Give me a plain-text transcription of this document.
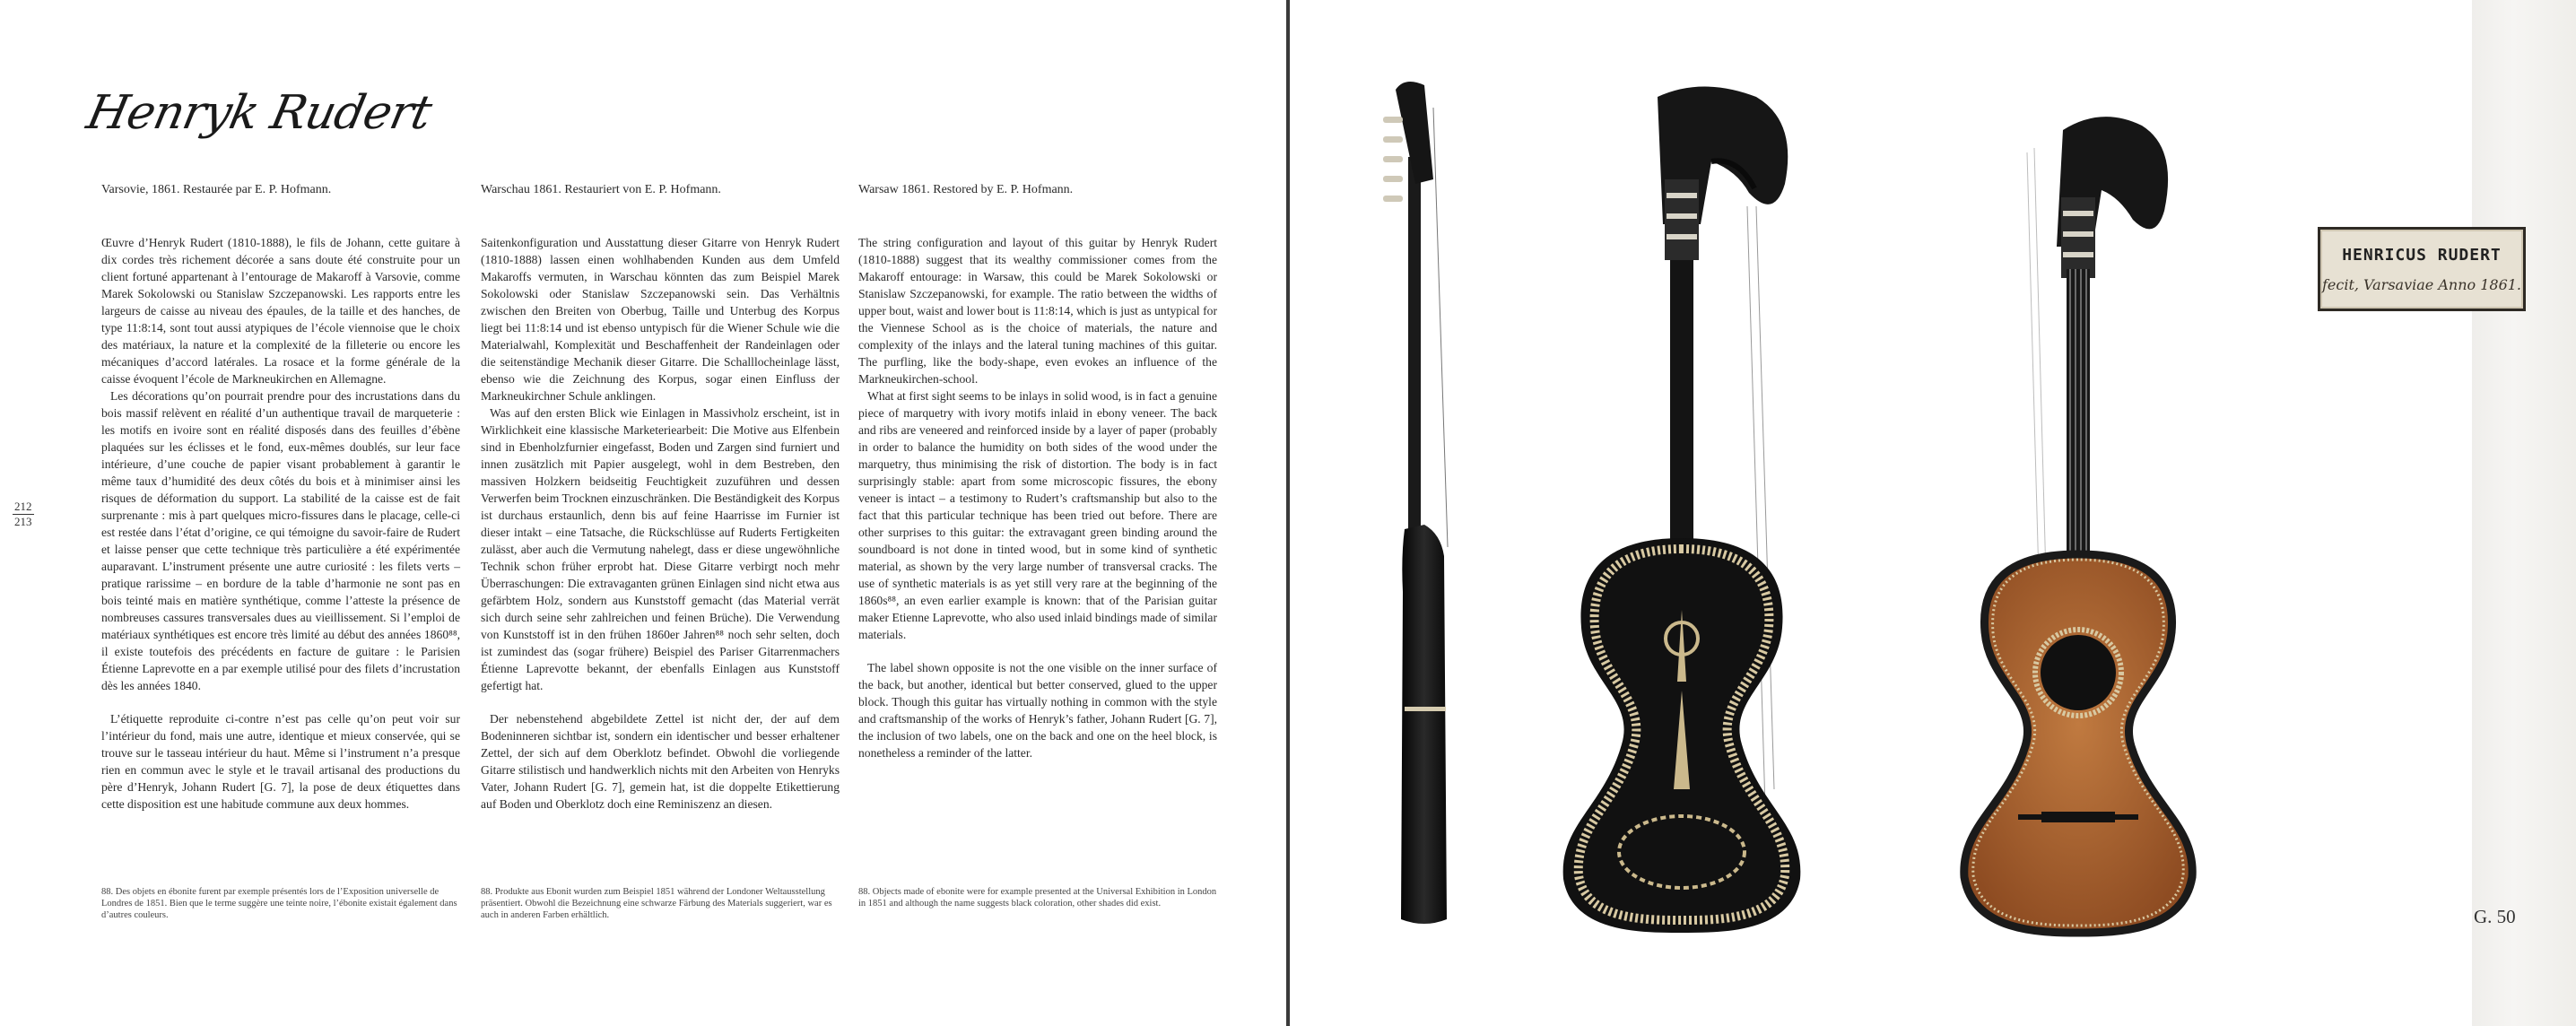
Henryk Rudert
Varsovie, 1861. Restaurée par E. P. Hofmann.

Œuvre d’Henryk Rudert (1810-1888), le fils de Johann, cette guitare à dix cordes très richement décorée a sans doute été construite pour un client fortuné appartenant à l’entourage de Makaroff à Varsovie, comme Marek Sokolowski ou Stanislaw Szczepanowski. Les rapports entre les largeurs de caisse au niveau des épaules, de la taille et des hanches, de type 11:8:14, sont tout aussi atypiques de l’école viennoise que le choix des matériaux, la nature et la complexité de la filleterie ou encore les mécaniques d’accord latérales. La rosace et la forme générale de la caisse évoquent l’école de Markneukirchen en Allemagne.

Les décorations qu’on pourrait prendre pour des incrustations dans du bois massif relèvent en réalité d’un authentique travail de marqueterie : les motifs en ivoire sont en réalité disposés dans des feuilles d’ébène plaquées sur les éclisses et le fond, eux-mêmes doublés, sur leur face intérieure, d’une couche de papier visant probablement à garantir le même taux d’humidité des deux côtés du bois et à minimiser ainsi les risques de déformation du support. La stabilité de la caisse est de fait surprenante : mis à part quelques micro-fissures dans le placage, celle-ci est restée dans l’état d’origine, ce qui témoigne du savoir-faire de Rudert et laisse penser que cette technique très particulière a été expérimentée auparavant. L’instrument présente une autre curiosité : les filets verts – pratique rarissime – en bordure de la table d’harmonie ne sont pas en bois teinté mais en matière synthétique, comme l’atteste la présence de nombreuses cassures transversales dues au vieillissement. Si l’emploi de matériaux synthétiques est encore très limité au début des années 1860⁸⁸, il existe toutefois des précédents en facture de guitare : le Parisien Étienne Laprevotte en a par exemple utilisé pour des filets d’incrustation dès les années 1840.

L’étiquette reproduite ci-contre n’est pas celle qu’on peut voir sur l’intérieur du fond, mais une autre, identique et mieux conservée, qui se trouve sur le tasseau intérieur du haut. Même si l’instrument n’a presque rien en commun avec le style et le travail artisanal des productions du père d’Henryk, Johann Rudert [G. 7], la pose de deux étiquettes dans cette disposition est une habitude commune aux deux hommes.

Warschau 1861. Restauriert von E. P. Hofmann.

Saitenkonfiguration und Ausstattung dieser Gitarre von Henryk Rudert (1810-1888) lassen einen wohlhabenden Kunden aus dem Umfeld Makaroffs vermuten, in Warschau könnten das zum Beispiel Marek Sokolowski oder Stanislaw Szczepanowski sein. Das Verhältnis zwischen den Breiten von Oberbug, Taille und Unterbug des Korpus liegt bei 11:8:14 und ist ebenso untypisch für die Wiener Schule wie die Materialwahl, Komplexität und Beschaffenheit der Randeinlagen oder die seitenständige Mechanik dieser Gitarre. Die Schalllocheinlage lässt, ebenso wie die Zeichnung des Korpus, sogar einen Einfluss der Markneukirchner Schule anklingen.

Was auf den ersten Blick wie Einlagen in Massivholz erscheint, ist in Wirklichkeit eine klassische Marketeriearbeit: Die Motive aus Elfenbein sind in Ebenholzfurnier eingefasst, Boden und Zargen sind furniert und innen zusätzlich mit Papier ausgelegt, wohl in dem Bestreben, den massiven Holzkern beidseitig Feuchtigkeit zuzuführen und dessen Verwerfen beim Trocknen einzuschränken. Die Beständigkeit des Korpus ist durchaus erstaunlich, denn bis auf feine Haarrisse im Furnier ist dieser intakt – eine Tatsache, die Rückschlüsse auf Ruderts Fertigkeiten zulässt, aber auch die Vermutung nahelegt, dass er diese ungewöhnliche Technik schon früher erprobt hat. Diese Gitarre verbirgt noch mehr Überraschungen: Die extravaganten grünen Einlagen sind nicht etwa aus gefärbtem Holz, sondern aus Kunststoff gemacht (das Material verrät sich durch seine sehr zahlreichen und feinen Brüche). Die Verwendung von Kunststoff ist in den frühen 1860er Jahren⁸⁸ noch sehr selten, doch ist zumindest das (sogar frühere) Beispiel des Pariser Gitarrenmachers Étienne Laprevotte bekannt, der ebenfalls Einlagen aus Kunststoff gefertigt hat.

Der nebenstehend abgebildete Zettel ist nicht der, der auf dem Bodeninneren sichtbar ist, sondern ein identischer und besser erhaltener Zettel, der sich auf dem Oberklotz befindet. Obwohl die vorliegende Gitarre stilistisch und handwerklich nichts mit den Arbeiten von Henryks Vater, Johann Rudert [G. 7], gemein hat, ist die doppelte Etikettierung auf Boden und Oberklotz doch eine Reminiszenz an diesen.

Warsaw 1861. Restored by E. P. Hofmann.

The string configuration and layout of this guitar by Henryk Rudert (1810-1888) suggest that its wealthy commissioner comes from the Makaroff entourage: in Warsaw, this could be Marek Sokolowski or Stanislaw Szczepanowski, for example. The ratio between the widths of upper bout, waist and lower bout is 11:8:14, which is just as untypical for the Viennese School as is the choice of materials, the nature and complexity of the inlays and the lateral tuning machines of this guitar. The purfling, like the body-shape, even evokes an influence of the Markneukirchen-school.

What at first sight seems to be inlays in solid wood, is in fact a genuine piece of marquetry with ivory motifs inlaid in ebony veneer. The back and ribs are veneered and reinforced inside by a layer of paper (probably in order to balance the humidity on both sides of the wood under the marquetry, thus minimising the risk of distortion. The body is in fact surprisingly stable: apart from some microscopic fissures, the ebony veneer is intact – a testimony to Rudert’s craftsmanship but also to the fact that this particular technique has been tried out before. There are other surprises to this guitar: the extravagant green binding around the soundboard is not done in tinted wood, but in some kind of synthetic material, as shown by the very large number of transversal cracks. The use of synthetic materials is as yet still very rare at the beginning of the 1860s⁸⁸, an even earlier example is known: that of the Parisian guitar maker Etienne Laprevotte, who also used inlaid bindings made of similar materials.

The label shown opposite is not the one visible on the inner surface of the back, but another, identical but better conserved, glued to the upper block. Though this guitar has virtually nothing in common with the style and craftsmanship of the works of Henryk’s father, Johann Rudert [G. 7], the inclusion of two labels, one on the back and one on the heel block, is nonetheless a reminder of the latter.

88. Des objets en ébonite furent par exemple présentés lors de l’Exposition universelle de Londres de 1851. Bien que le terme suggère une teinte noire, l’ébonite existait également dans d’autres couleurs.
88. Produkte aus Ebonit wurden zum Beispiel 1851 während der Londoner Weltausstellung präsentiert. Obwohl die Bezeichnung eine schwarze Färbung des Materials suggeriert, war es auch in anderen Farben erhältlich.
88. Objects made of ebonite were for example presented at the Universal Exhibition in London in 1851 and although the name suggests black coloration, other shades did exist.
212
213
HENRICUS RUDERT
fecit, Varsaviae Anno 1861.
G. 50
